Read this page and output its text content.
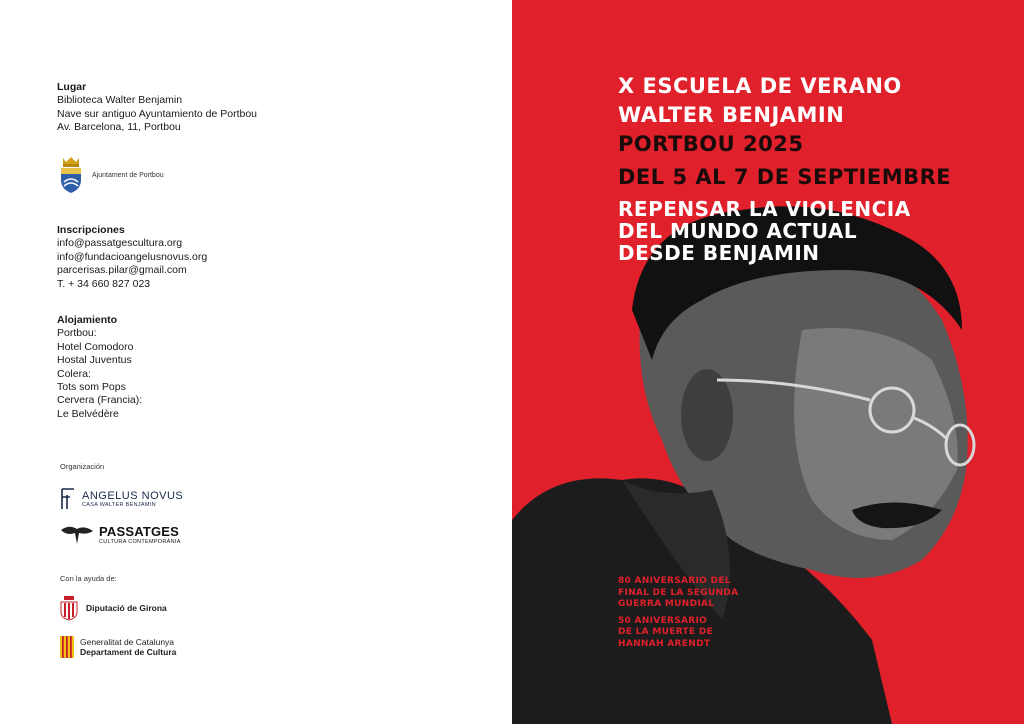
Lugar
Biblioteca Walter Benjamin
Nave sur antiguo Ayuntamiento de Portbou
Av. Barcelona, 11, Portbou
Ajuntament de Portbou
Inscripciones
info@passatgescultura.org
info@fundacioangelusnovus.org
parcerisas.pilar@gmail.com
T. + 34 660 827 023
Alojamiento
Portbou:
Hotel Comodoro
Hostal Juventus
Colera:
Tots som Pops
Cervera (Francia):
Le Belvédère
Organización
ANGELUS NOVUS
CASA WALTER BENJAMIN
PASSATGES
CULTURA CONTEMPORÀNIA
Con la ayuda de:
Diputació de Girona
Generalitat de Catalunya
Departament de Cultura
X ESCUELA DE VERANO
WALTER BENJAMIN
PORTBOU 2025
DEL 5 AL 7 DE SEPTIEMBRE
REPENSAR LA VIOLENCIA
DEL MUNDO ACTUAL
DESDE BENJAMIN
80 ANIVERSARIO DEL
FINAL DE LA SEGUNDA
GUERRA MUNDIAL
50 ANIVERSARIO
DE LA MUERTE DE
HANNAH ARENDT
